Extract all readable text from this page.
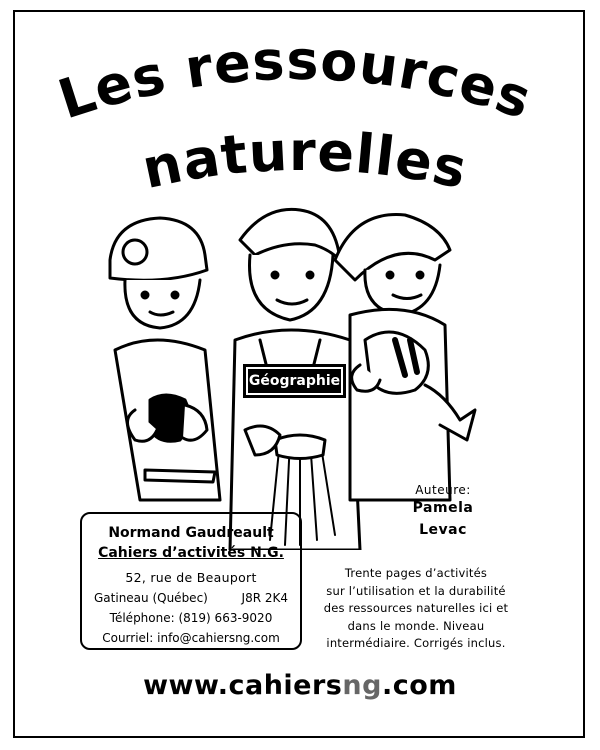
Les ressources
naturelles
Géographie
Auteure:
Pamela
Levac
Normand Gaudreault
Cahiers d’activités N.G.
52, rue de Beauport
Gatineau (Québec)	J8R 2K4
Téléphone: (819) 663-9020
Courriel: info@cahiersng.com
Trente pages d’activités
sur l’utilisation et la durabilité
des ressources naturelles ici et
dans le monde. Niveau
intermédiaire. Corrigés inclus.
www.cahiersng.com
